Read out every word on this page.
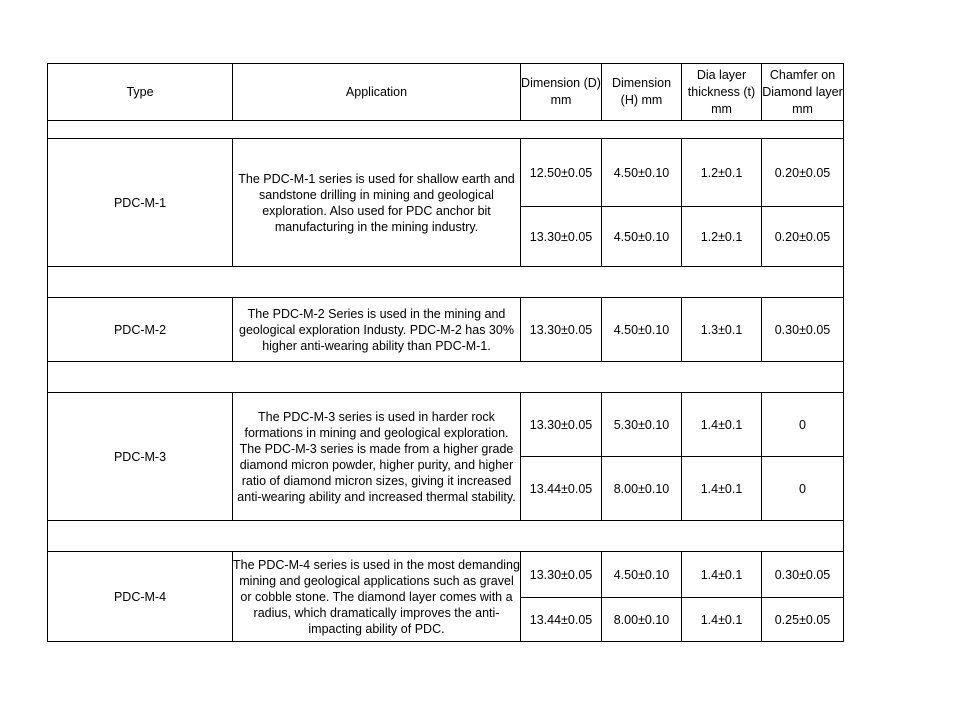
Type	Application	Dimension (D) mm	Dimension (H) mm	Dia layer thickness (t) mm	Chamfer on Diamond layer mm

PDC-M-1	The PDC-M-1 series is used for shallow earth and sandstone drilling in mining and geological exploration. Also used for PDC anchor bit manufacturing in the mining industry.	12.50±0.05	4.50±0.10	1.2±0.1	0.20±0.05
		13.30±0.05	4.50±0.10	1.2±0.1	0.20±0.05

PDC-M-2	The PDC-M-2 Series is used in the mining and geological exploration Industy. PDC-M-2 has 30% higher anti-wearing ability than PDC-M-1.	13.30±0.05	4.50±0.10	1.3±0.1	0.30±0.05

PDC-M-3	The PDC-M-3 series is used in harder rock formations in mining and geological exploration. The PDC-M-3 series is made from a higher grade diamond micron powder, higher purity, and higher ratio of diamond micron sizes, giving it increased anti-wearing ability and increased thermal stability.	13.30±0.05	5.30±0.10	1.4±0.1	0
		13.44±0.05	8.00±0.10	1.4±0.1	0

PDC-M-4	The PDC-M-4 series is used in the most demanding mining and geological applications such as gravel or cobble stone. The diamond layer comes with a radius, which dramatically improves the anti-impacting ability of PDC.	13.30±0.05	4.50±0.10	1.4±0.1	0.30±0.05
		13.44±0.05	8.00±0.10	1.4±0.1	0.25±0.05
